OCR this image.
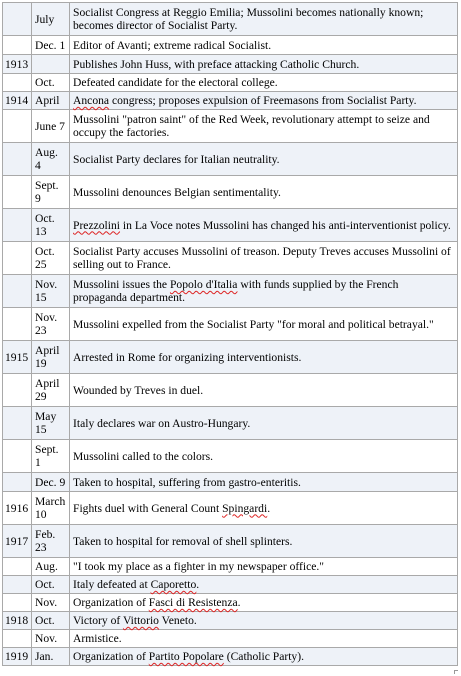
	July	Socialist Congress at Reggio Emilia; Mussolini becomes nationally known; becomes director of Socialist Party.
	Dec. 1	Editor of Avanti; extreme radical Socialist.
1913		Publishes John Huss, with preface attacking Catholic Church.
	Oct.	Defeated candidate for the electoral college.
1914	April	Ancona congress; proposes expulsion of Freemasons from Socialist Party.
	June 7	Mussolini "patron saint" of the Red Week, revolutionary attempt to seize and occupy the factories.
	Aug. 4	Socialist Party declares for Italian neutrality.
	Sept. 9	Mussolini denounces Belgian sentimentality.
	Oct. 13	Prezzolini in La Voce notes Mussolini has changed his anti-interventionist policy.
	Oct. 25	Socialist Party accuses Mussolini of treason. Deputy Treves accuses Mussolini of selling out to France.
	Nov. 15	Mussolini issues the Popolo d'Italia with funds supplied by the French propaganda department.
	Nov. 23	Mussolini expelled from the Socialist Party "for moral and political betrayal."
1915	April 19	Arrested in Rome for organizing interventionists.
	April 29	Wounded by Treves in duel.
	May 15	Italy declares war on Austro-Hungary.
	Sept. 1	Mussolini called to the colors.
	Dec. 9	Taken to hospital, suffering from gastro-enteritis.
1916	March 10	Fights duel with General Count Spingardi.
1917	Feb. 23	Taken to hospital for removal of shell splinters.
	Aug.	"I took my place as a fighter in my newspaper office."
	Oct.	Italy defeated at Caporetto.
	Nov.	Organization of Fasci di Resistenza.
1918	Oct.	Victory of Vittorio Veneto.
	Nov.	Armistice.
1919	Jan.	Organization of Partito Popolare (Catholic Party).
